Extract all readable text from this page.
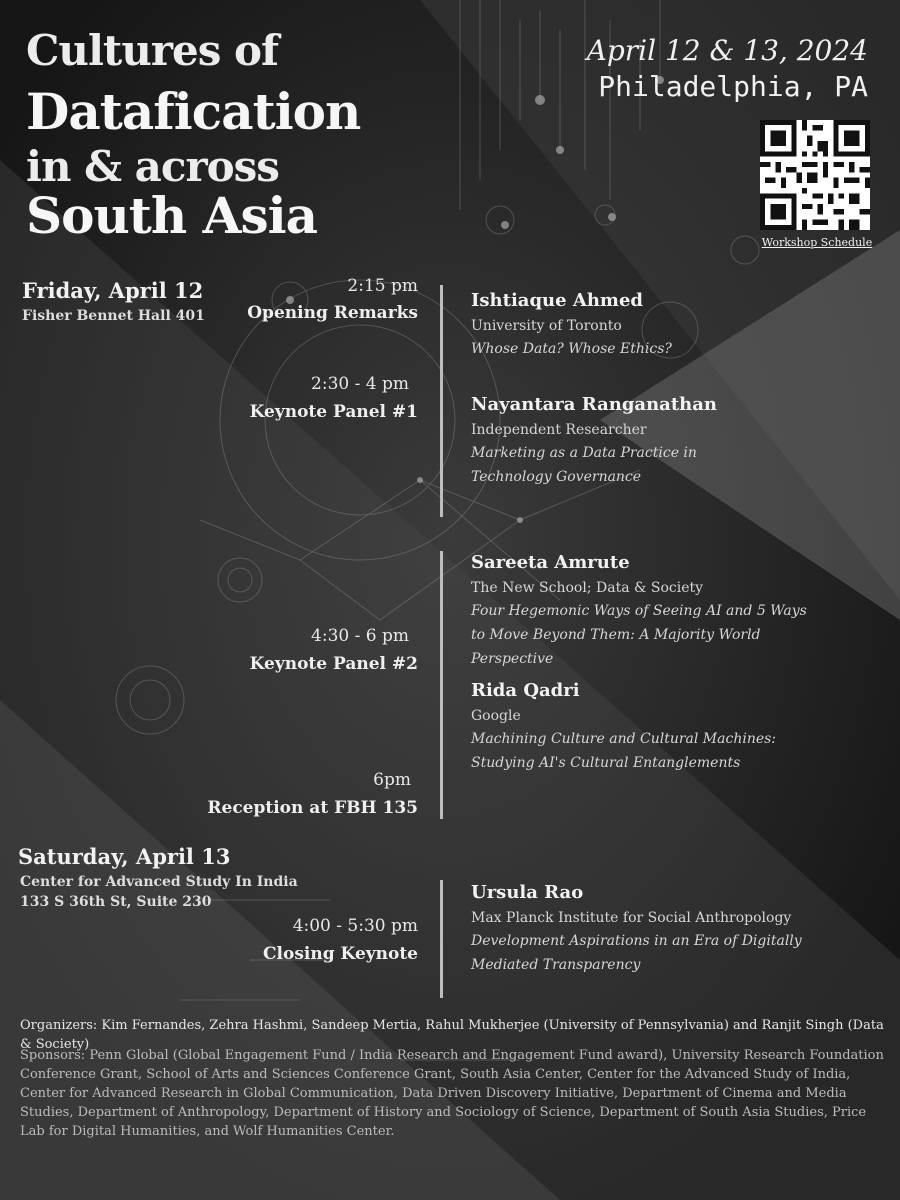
Cultures of
Datafication
in & across
South Asia
April 12 & 13, 2024
Philadelphia, PA
Workshop Schedule
Friday, April 12
Fisher Bennet Hall 401
2:15 pm
Opening Remarks
2:30 - 4 pm
Keynote Panel #1
4:30 - 6 pm
Keynote Panel #2
6pm
Reception at FBH 135
Ishtiaque Ahmed
University of Toronto
Whose Data? Whose Ethics?
Nayantara Ranganathan
Independent Researcher
Marketing as a Data Practice in Technology Governance
Sareeta Amrute
The New School; Data & Society
Four Hegemonic Ways of Seeing AI and 5 Ways to Move Beyond Them: A Majority World Perspective
Rida Qadri
Google
Machining Culture and Cultural Machines: Studying AI's Cultural Entanglements
Saturday, April 13
Center for Advanced Study In India
133 S 36th St, Suite 230
4:00 - 5:30 pm
Closing Keynote
Ursula Rao
Max Planck Institute for Social Anthropology
Development Aspirations in an Era of Digitally Mediated Transparency
Organizers: Kim Fernandes, Zehra Hashmi, Sandeep Mertia, Rahul Mukherjee (University of Pennsylvania) and Ranjit Singh (Data & Society)
Sponsors: Penn Global (Global Engagement Fund / India Research and Engagement Fund award), University Research Foundation Conference Grant, School of Arts and Sciences Conference Grant, South Asia Center, Center for the Advanced Study of India, Center for Advanced Research in Global Communication, Data Driven Discovery Initiative, Department of Cinema and Media Studies, Department of Anthropology, Department of History and Sociology of Science, Department of South Asia Studies, Price Lab for Digital Humanities, and Wolf Humanities Center.
